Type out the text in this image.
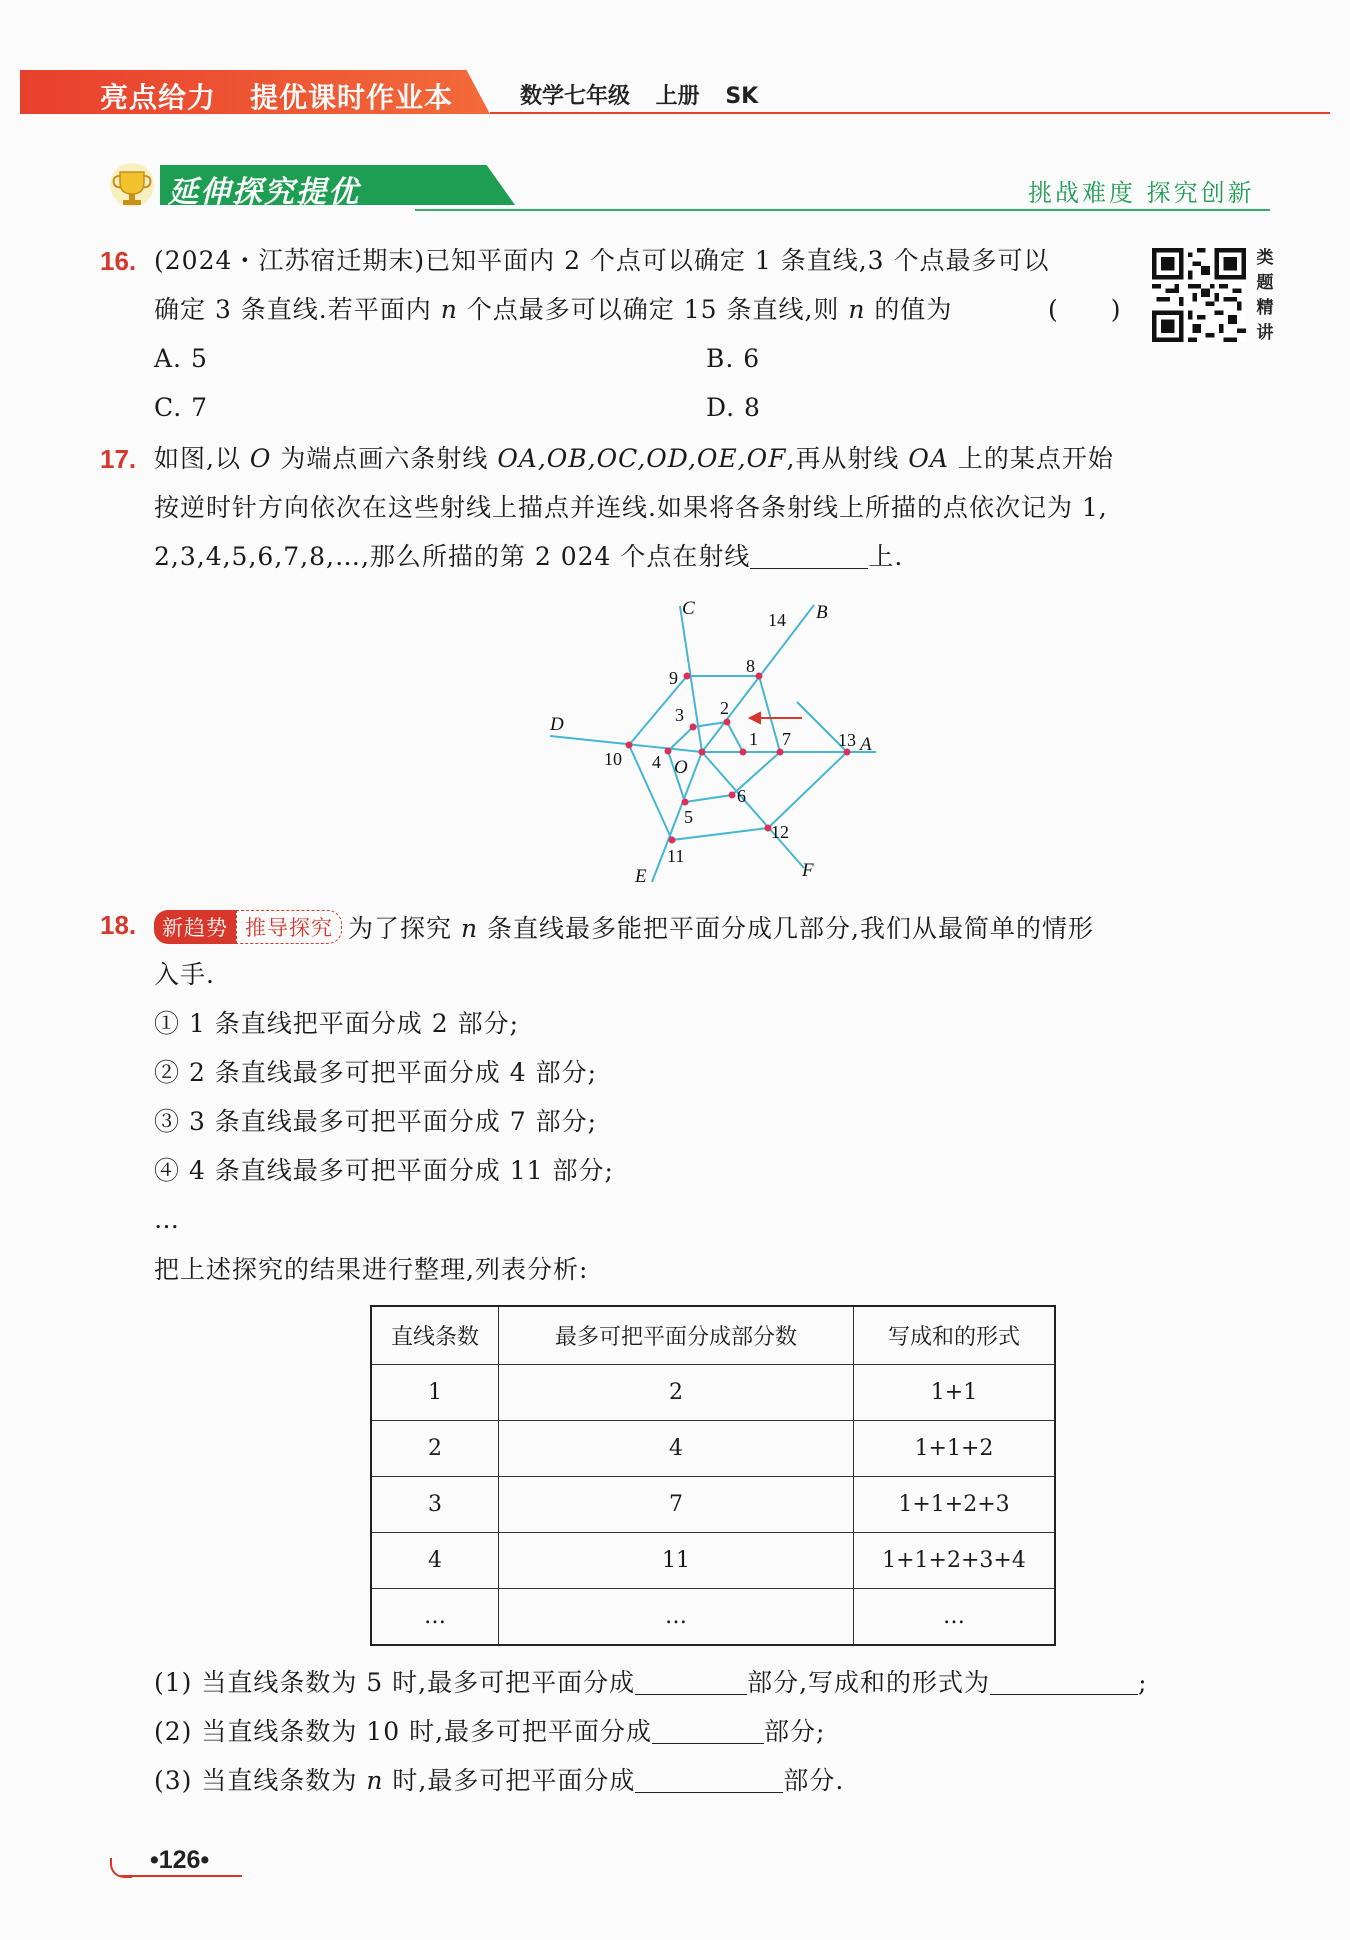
亮点给力 提优课时作业本	数学七年级 上册 SK
延伸探究提优	挑战难度 探究创新
16. (2024・江苏宿迁期末)已知平面内 2 个点可以确定 1 条直线,3 个点最多可以
确定 3 条直线.若平面内 n 个点最多可以确定 15 条直线,则 n 的值为	(　　)
A. 5	B. 6
C. 7	D. 8
类题精讲
17. 如图,以 O 为端点画六条射线 OA,OB,OC,OD,OE,OF,再从射线 OA 上的某点开始
按逆时针方向依次在这些射线上描点并连线.如果将各条射线上所描的点依次记为 1,
2,3,4,5,6,7,8,…,那么所描的第 2 024 个点在射线	上.
A
B
C
D
E	F
O
1
2
3
4
5
6
7
8
9
10
11
12
13
14
18.	新趋势 推导探究 为了探究 n 条直线最多能把平面分成几部分,我们从最简单的情形
入手.
① 1 条直线把平面分成 2 部分;
② 2 条直线最多可把平面分成 4 部分;
③ 3 条直线最多可把平面分成 7 部分;
④ 4 条直线最多可把平面分成 11 部分;
…
把上述探究的结果进行整理,列表分析:
直线条数	最多可把平面分成部分数	写成和的形式
1	2	1+1
2	4	1+1+2
3	7	1+1+2+3
4	11	1+1+2+3+4
…	…	…
(1) 当直线条数为 5 时,最多可把平面分成	部分,写成和的形式为	;
(2) 当直线条数为 10 时,最多可把平面分成	部分;
(3) 当直线条数为 n 时,最多可把平面分成	部分.
•126•
